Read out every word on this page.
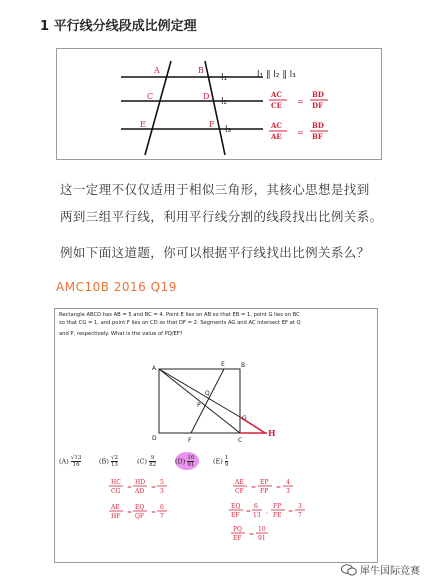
1 平行线分线段成比例定理
A	B
C	D
E	F
l₁
l₂
l₃
l₁ ∥ l₂ ∥ l₃
AC
CE =
BD
DF
AC
AE =
BD
BF
这一定理不仅仅适用于相似三角形，其核心思想是找到
两到三组平行线，利用平行线分割的线段找出比例关系。
例如下面这道题，你可以根据平行线找出比例关系么？
AMC10B 2016 Q19
Rectangle ABCD has AB = 5 and BC = 4. Point E lies on AB so that EB = 1, point G lies on BC
so that CG = 1, and point F lies on CD so that DF = 2. Segments AG and AC intersect EF at Q
and P, respectively. What is the value of PQ/EF?
A
E	B
Q
P
G
D	F	C
H
HC
CG
=
HD
AD
=
5
3
AE
CF
=
EP
FP
=
4
3
AE
HF
=
EQ
QF
=
6
7
EQ
EF
=
6
13
,
FP
FE
=
3
7
PQ
EF
=
10
91
$(A) \frac{√13}{16}$	$(B) \frac{√2}{13}$	$(C) \frac{9}{82}$	$(D) \frac{10}{91}$	$(E) \frac{1}{9}$
犀牛国际竞赛
